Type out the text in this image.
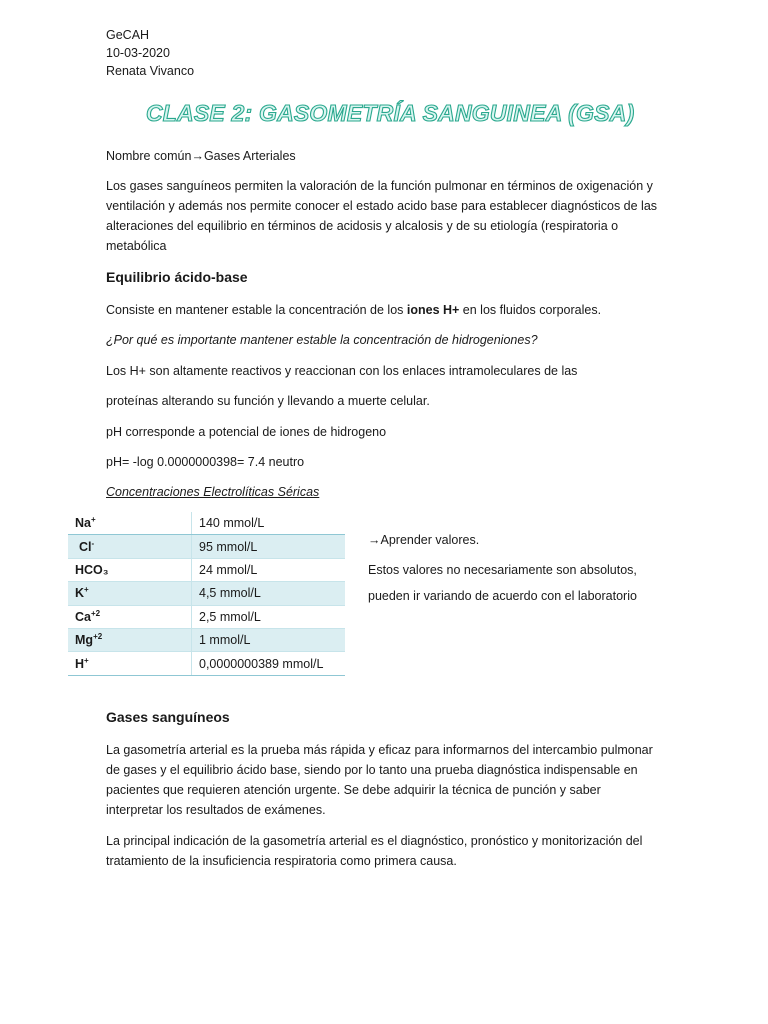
GeCAH
10-03-2020
Renata Vivanco
CLASE 2: GASOMETRÍA SANGUINEA (GSA)
Nombre común→Gases Arteriales
Los gases sanguíneos permiten la valoración de la función pulmonar en términos de oxigenación y
ventilación y además nos permite conocer el estado acido base para establecer diagnósticos de las
alteraciones del equilibrio en términos de acidosis y alcalosis y de su etiología (respiratoria o
metabólica
Equilibrio ácido-base
Consiste en mantener estable la concentración de los iones H+ en los fluidos corporales.
¿Por qué es importante mantener estable la concentración de hidrogeniones?
Los H+ son altamente reactivos y reaccionan con los enlaces intramoleculares de las
proteínas alterando su función y llevando a muerte celular.
pH corresponde a potencial de iones de hidrogeno
pH= -log 0.0000000398= 7.4 neutro
Concentraciones Electrolíticas Séricas
Na+	140 mmol/L
Cl-	95 mmol/L
HCO₃	24 mmol/L
K+	4,5 mmol/L
$Ca^{+2}$	2,5 mmol/L
$Mg^{+2}$	1 mmol/L
H+	0,0000000389 mmol/L
→Aprender valores.
Estos valores no necesariamente son absolutos,
pueden ir variando de acuerdo con el laboratorio
Gases sanguíneos
La gasometría arterial es la prueba más rápida y eficaz para informarnos del intercambio pulmonar
de gases y el equilibrio ácido base, siendo por lo tanto una prueba diagnóstica indispensable en
pacientes que requieren atención urgente. Se debe adquirir la técnica de punción y saber
interpretar los resultados de exámenes.
La principal indicación de la gasometría arterial es el diagnóstico, pronóstico y monitorización del
tratamiento de la insuficiencia respiratoria como primera causa.
